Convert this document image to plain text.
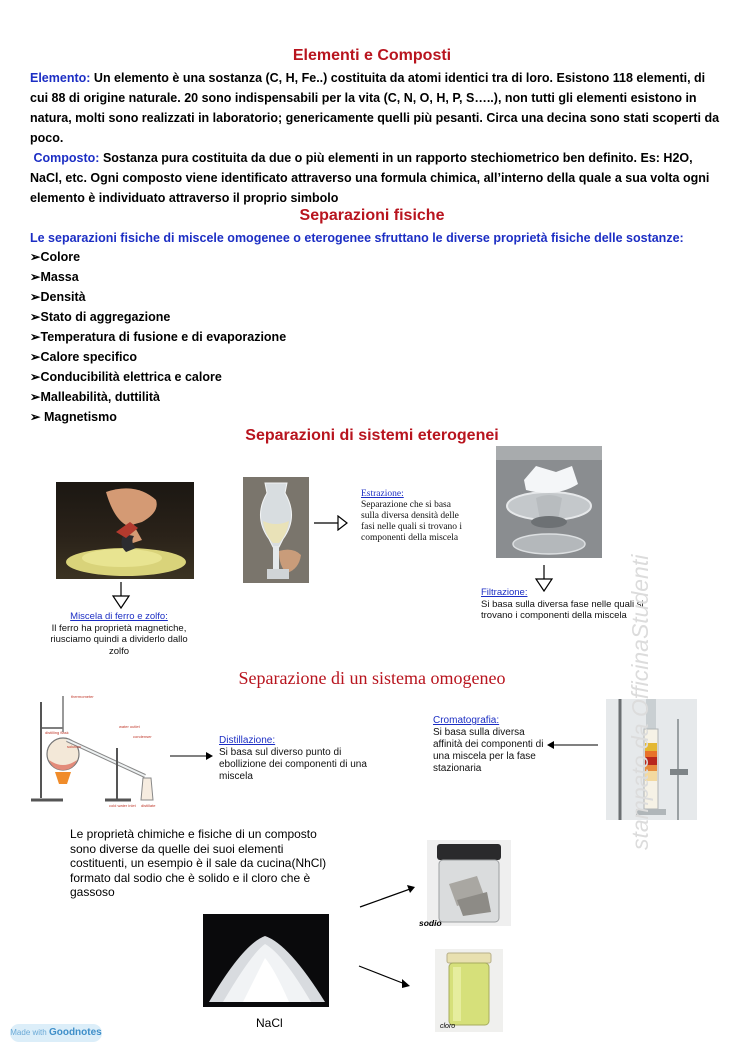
Elementi e Composti
Elemento: Un elemento è una sostanza (C, H, Fe..) costituita da atomi identici tra di loro. Esistono 118 elementi, di cui 88 di origine naturale. 20 sono indispensabili per la vita (C, N, O, H, P, S…..), non tutti gli elementi esistono in natura, molti sono realizzati in laboratorio; genericamente quelli più pesanti. Circa una decina sono stati scoperti da poco.
Composto: Sostanza pura costituita da due o più elementi in un rapporto stechiometrico ben definito. Es: H2O, NaCl, etc. Ogni composto viene identificato attraverso una formula chimica, all’interno della quale a sua volta ogni elemento è individuato attraverso il proprio simbolo
Separazioni fisiche
Le separazioni fisiche di miscele omogenee o eterogenee sfruttano le diverse proprietà fisiche delle sostanze:
➢Colore
➢Massa
➢Densità
➢Stato di aggregazione
➢Temperatura di fusione e di evaporazione
➢Calore specifico
➢Conducibilità elettrica e calore
➢Malleabilità, duttilità
➢ Magnetismo
Separazioni di sistemi eterogenei
Miscela di ferro e zolfo:
Il ferro ha proprietà magnetiche, riusciamo quindi a dividerlo dallo zolfo
Estrazione:
Separazione che si basa sulla diversa densità delle fasi nelle quali si trovano i componenti della miscela
Filtrazione:
Si basa sulla diversa fase nelle quali si trovano i componenti della miscela
Separazione di un sistema omogeneo
thermometer
water outlet
condenser
distilling flask
solution
cold water inlet distillate
Distillazione:
Si basa sul diverso punto di ebollizione dei componenti di una miscela
Cromatografia:
Si basa sulla diversa affinità dei componenti di una miscela per la fase stazionaria
Le proprietà chimiche e fisiche di un composto sono diverse da quelle dei suoi elementi costituenti, un esempio è il sale da cucina(NhCl) formato dal sodio che è solido e il cloro che è gassoso
NaCl
sodio
cloro
stampato da OfficinaStudenti
Made with Goodnotes
